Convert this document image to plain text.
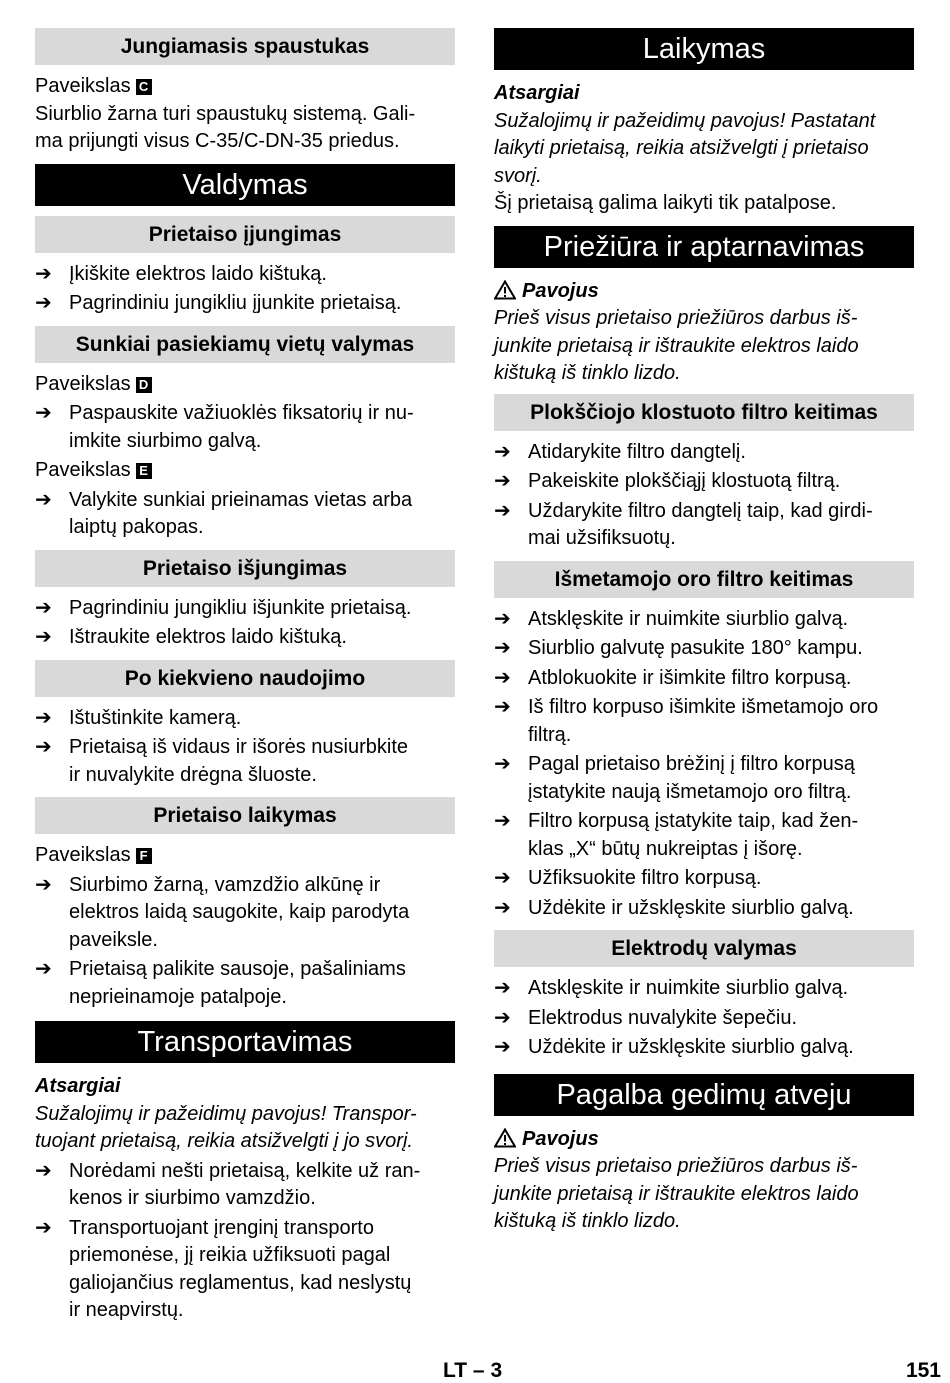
Jungiamasis spaustukas
Paveikslas C
Siurblio žarna turi spaustukų sistemą. Gali-
ma prijungti visus C-35/C-DN-35 priedus.
Valdymas
Prietaiso įjungimas
➔ Įkiškite elektros laido kištuką.
➔ Pagrindiniu jungikliu įjunkite prietaisą.
Sunkiai pasiekiamų vietų valymas
Paveikslas D
➔ Paspauskite važiuoklės fiksatorių ir nu-
imkite siurbimo galvą.
Paveikslas E
➔ Valykite sunkiai prieinamas vietas arba
laiptų pakopas.
Prietaiso išjungimas
➔ Pagrindiniu jungikliu išjunkite prietaisą.
➔ Ištraukite elektros laido kištuką.
Po kiekvieno naudojimo
➔ Ištuštinkite kamerą.
➔ Prietaisą iš vidaus ir išorės nusiurbkite
ir nuvalykite drėgna šluoste.
Prietaiso laikymas
Paveikslas F
➔ Siurbimo žarną, vamzdžio alkūnę ir
elektros laidą saugokite, kaip parodyta
paveiksle.
➔ Prietaisą palikite sausoje, pašaliniams
neprieinamoje patalpoje.
Transportavimas
Atsargiai
Sužalojimų ir pažeidimų pavojus! Transpor-
tuojant prietaisą, reikia atsižvelgti į jo svorį.
➔ Norėdami nešti prietaisą, kelkite už ran-
kenos ir siurbimo vamzdžio.
➔ Transportuojant įrenginį transporto
priemonėse, jį reikia užfiksuoti pagal
galiojančius reglamentus, kad neslystų
ir neapvirstų.
Laikymas
Atsargiai
Sužalojimų ir pažeidimų pavojus! Pastatant
laikyti prietaisą, reikia atsižvelgti į prietaiso
svorį.
Šį prietaisą galima laikyti tik patalpose.
Priežiūra ir aptarnavimas
Pavojus
Prieš visus prietaiso priežiūros darbus iš-
junkite prietaisą ir ištraukite elektros laido
kištuką iš tinklo lizdo.
Plokščiojo klostuoto filtro keitimas
➔ Atidarykite filtro dangtelį.
➔ Pakeiskite plokščiąjį klostuotą filtrą.
➔ Uždarykite filtro dangtelį taip, kad girdi-
mai užsifiksuotų.
Išmetamojo oro filtro keitimas
➔ Atsklęskite ir nuimkite siurblio galvą.
➔ Siurblio galvutę pasukite 180° kampu.
➔ Atblokuokite ir išimkite filtro korpusą.
➔ Iš filtro korpuso išimkite išmetamojo oro
filtrą.
➔ Pagal prietaiso brėžinį į filtro korpusą
įstatykite naują išmetamojo oro filtrą.
➔ Filtro korpusą įstatykite taip, kad žen-
klas „X“ būtų nukreiptas į išorę.
➔ Užfiksuokite filtro korpusą.
➔ Uždėkite ir užsklęskite siurblio galvą.
Elektrodų valymas
➔ Atsklęskite ir nuimkite siurblio galvą.
➔ Elektrodus nuvalykite šepečiu.
➔ Uždėkite ir užsklęskite siurblio galvą.
Pagalba gedimų atveju
Pavojus
Prieš visus prietaiso priežiūros darbus iš-
junkite prietaisą ir ištraukite elektros laido
kištuką iš tinklo lizdo.
LT – 3	151
